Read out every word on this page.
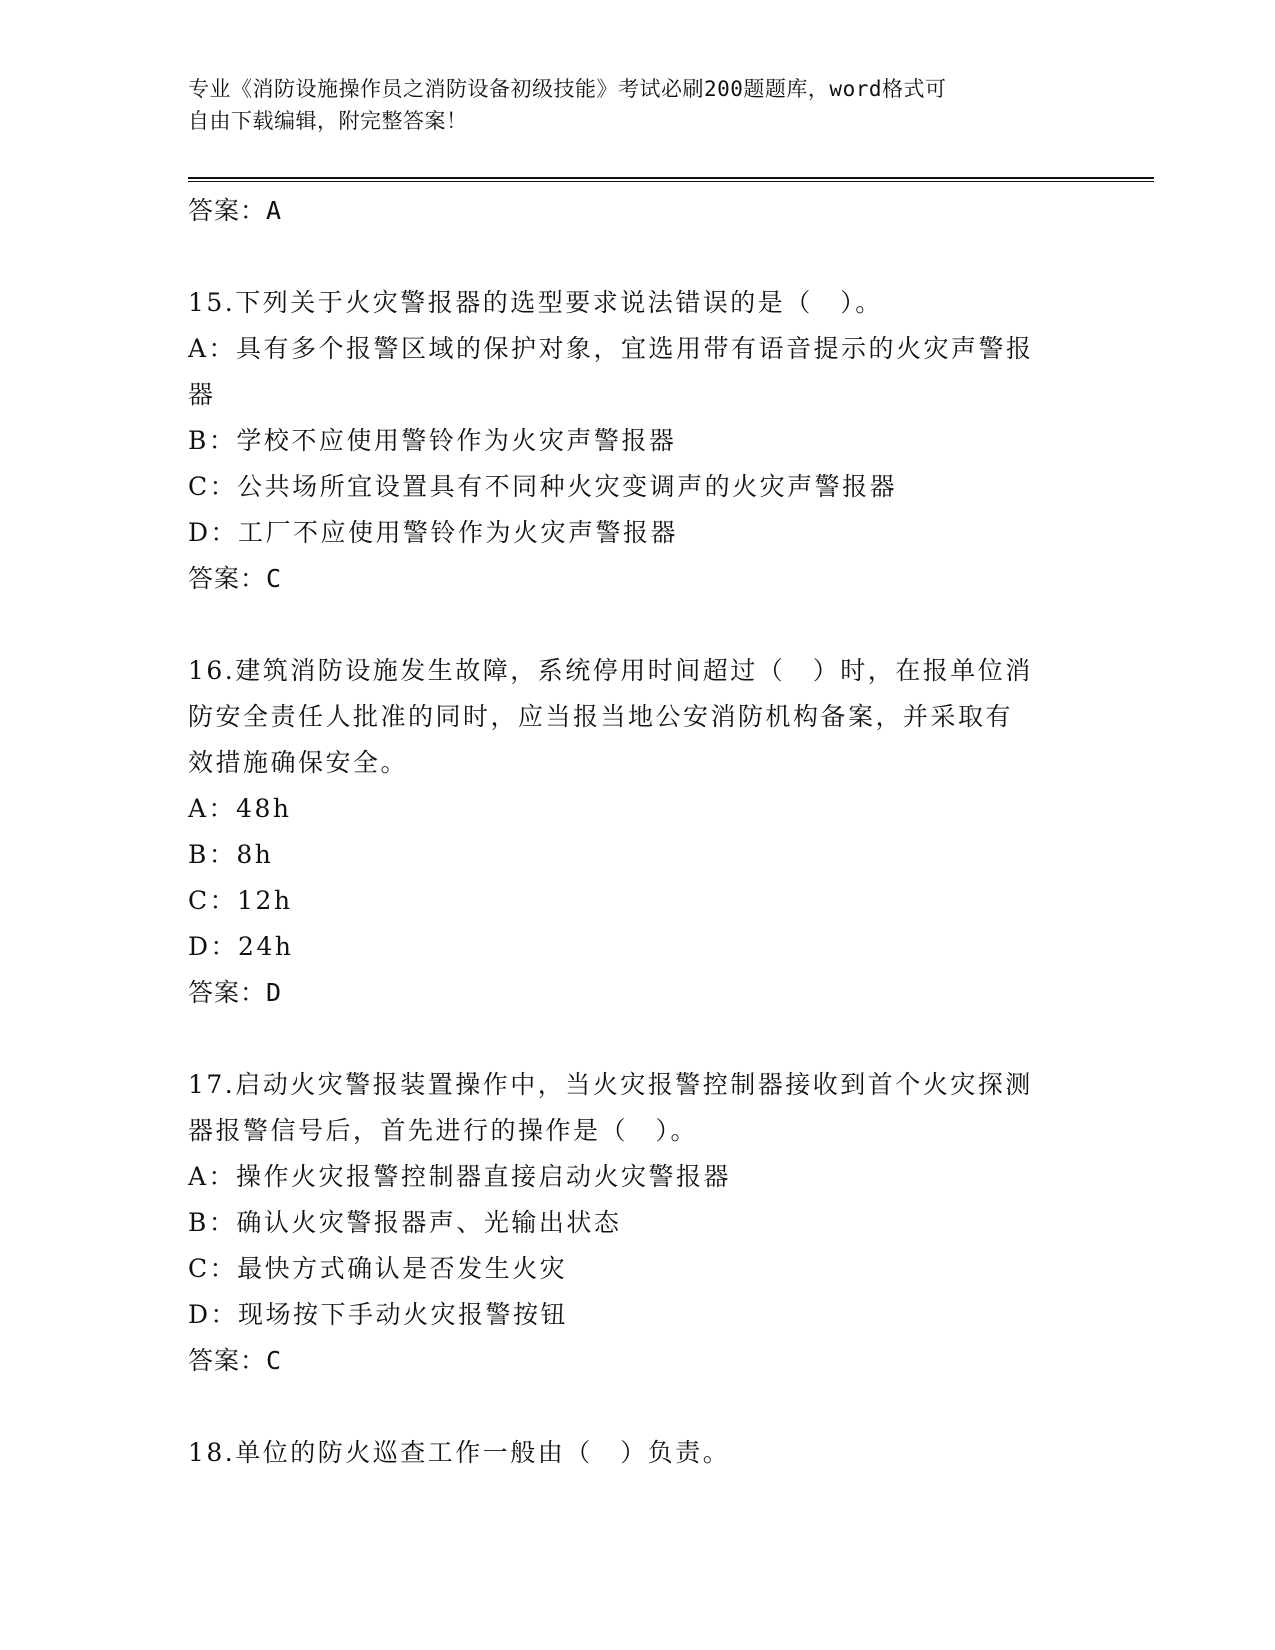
专业《消防设施操作员之消防设备初级技能》考试必刷200题题库，word格式可
自由下载编辑，附完整答案！
答案：A
15.下列关于火灾警报器的选型要求说法错误的是（　）。
A：具有多个报警区域的保护对象，宜选用带有语音提示的火灾声警报
器
B：学校不应使用警铃作为火灾声警报器
C：公共场所宜设置具有不同种火灾变调声的火灾声警报器
D：工厂不应使用警铃作为火灾声警报器
答案：C
16.建筑消防设施发生故障，系统停用时间超过（　）时，在报单位消
防安全责任人批准的同时，应当报当地公安消防机构备案，并采取有
效措施确保安全。
A：48h
B：8h
C：12h
D：24h
答案：D
17.启动火灾警报装置操作中，当火灾报警控制器接收到首个火灾探测
器报警信号后，首先进行的操作是（　）。
A：操作火灾报警控制器直接启动火灾警报器
B：确认火灾警报器声、光输出状态
C：最快方式确认是否发生火灾
D：现场按下手动火灾报警按钮
答案：C
18.单位的防火巡查工作一般由（　）负责。
